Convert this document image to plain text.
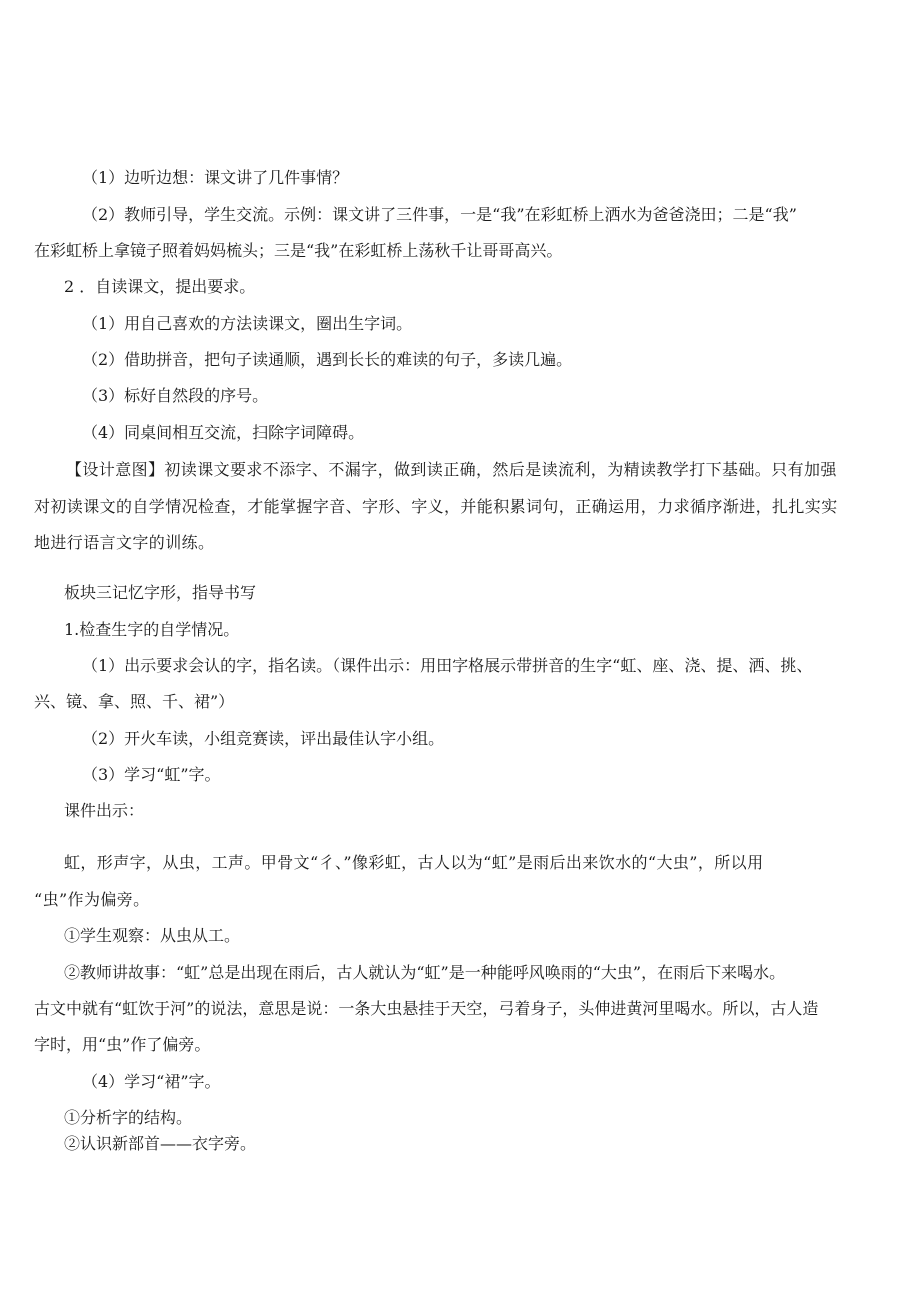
（1）边听边想：课文讲了几件事情？
（2）教师引导，学生交流。示例：课文讲了三件事，一是“我”在彩虹桥上洒水为爸爸浇田；二是“我”
在彩虹桥上拿镜子照着妈妈梳头；三是“我”在彩虹桥上荡秋千让哥哥高兴。
2 ．自读课文，提出要求。
（1）用自己喜欢的方法读课文，圈出生字词。
（2）借助拼音，把句子读通顺，遇到长长的难读的句子，多读几遍。
（3）标好自然段的序号。
（4）同桌间相互交流，扫除字词障碍。
【设计意图】初读课文要求不添字、不漏字，做到读正确，然后是读流利，为精读教学打下基础。只有加强
对初读课文的自学情况检查，才能掌握字音、字形、字义，并能积累词句，正确运用，力求循序渐进，扎扎实实
地进行语言文字的训练。
板块三记忆字形，指导书写
1.检查生字的自学情况。
（1）出示要求会认的字，指名读。（课件出示：用田字格展示带拼音的生字“虹、座、浇、提、洒、挑、
兴、镜、拿、照、千、裙”）
（2）开火车读，小组竞赛读，评出最佳认字小组。
（3）学习“虹”字。
课件出示：
虹，形声字，从虫，工声。甲骨文“彳、”像彩虹，古人以为“虹”是雨后出来饮水的“大虫”，所以用
“虫”作为偏旁。
①学生观察：从虫从工。
②教师讲故事：“虹”总是出现在雨后，古人就认为“虹”是一种能呼风唤雨的“大虫”，在雨后下来喝水。
古文中就有“虹饮于河”的说法，意思是说：一条大虫悬挂于天空，弓着身子，头伸进黄河里喝水。所以，古人造
字时，用“虫”作了偏旁。
（4）学习“裙”字。
①分析字的结构。
②认识新部首——衣字旁。
